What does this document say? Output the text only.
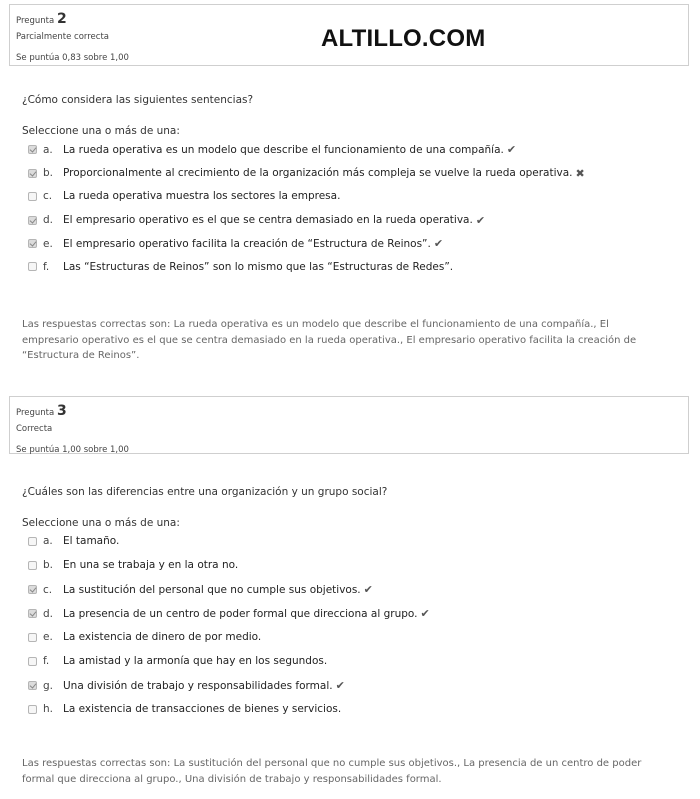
Pregunta 2
Parcialmente correcta
Se puntúa 0,83 sobre 1,00
ALTILLO.COM
¿Cómo considera las siguientes sentencias?
Seleccione una o más de una:
a. La rueda operativa es un modelo que describe el funcionamiento de una compañía. ✔
b. Proporcionalmente al crecimiento de la organización más compleja se vuelve la rueda operativa. ✖
c.	La rueda operativa muestra los sectores la empresa.
d. El empresario operativo es el que se centra demasiado en la rueda operativa. ✔
e. El empresario operativo facilita la creación de “Estructura de Reinos”. ✔
f.	Las “Estructuras de Reinos” son lo mismo que las “Estructuras de Redes”.
Las respuestas correctas son: La rueda operativa es un modelo que describe el funcionamiento de una compañía., El empresario operativo es el que se centra demasiado en la rueda operativa., El empresario operativo facilita la creación de “Estructura de Reinos”.
Pregunta 3
Correcta
Se puntúa 1,00 sobre 1,00
¿Cuáles son las diferencias entre una organización y un grupo social?
Seleccione una o más de una:
a. El tamaño.
b. En una se trabaja y en la otra no.
c.	La sustitución del personal que no cumple sus objetivos. ✔
d. La presencia de un centro de poder formal que direcciona al grupo. ✔
e. La existencia de dinero de por medio.
f.	La amistad y la armonía que hay en los segundos.
g. Una división de trabajo y responsabilidades formal. ✔
h. La existencia de transacciones de bienes y servicios.
Las respuestas correctas son: La sustitución del personal que no cumple sus objetivos., La presencia de un centro de poder formal que direcciona al grupo., Una división de trabajo y responsabilidades formal.
